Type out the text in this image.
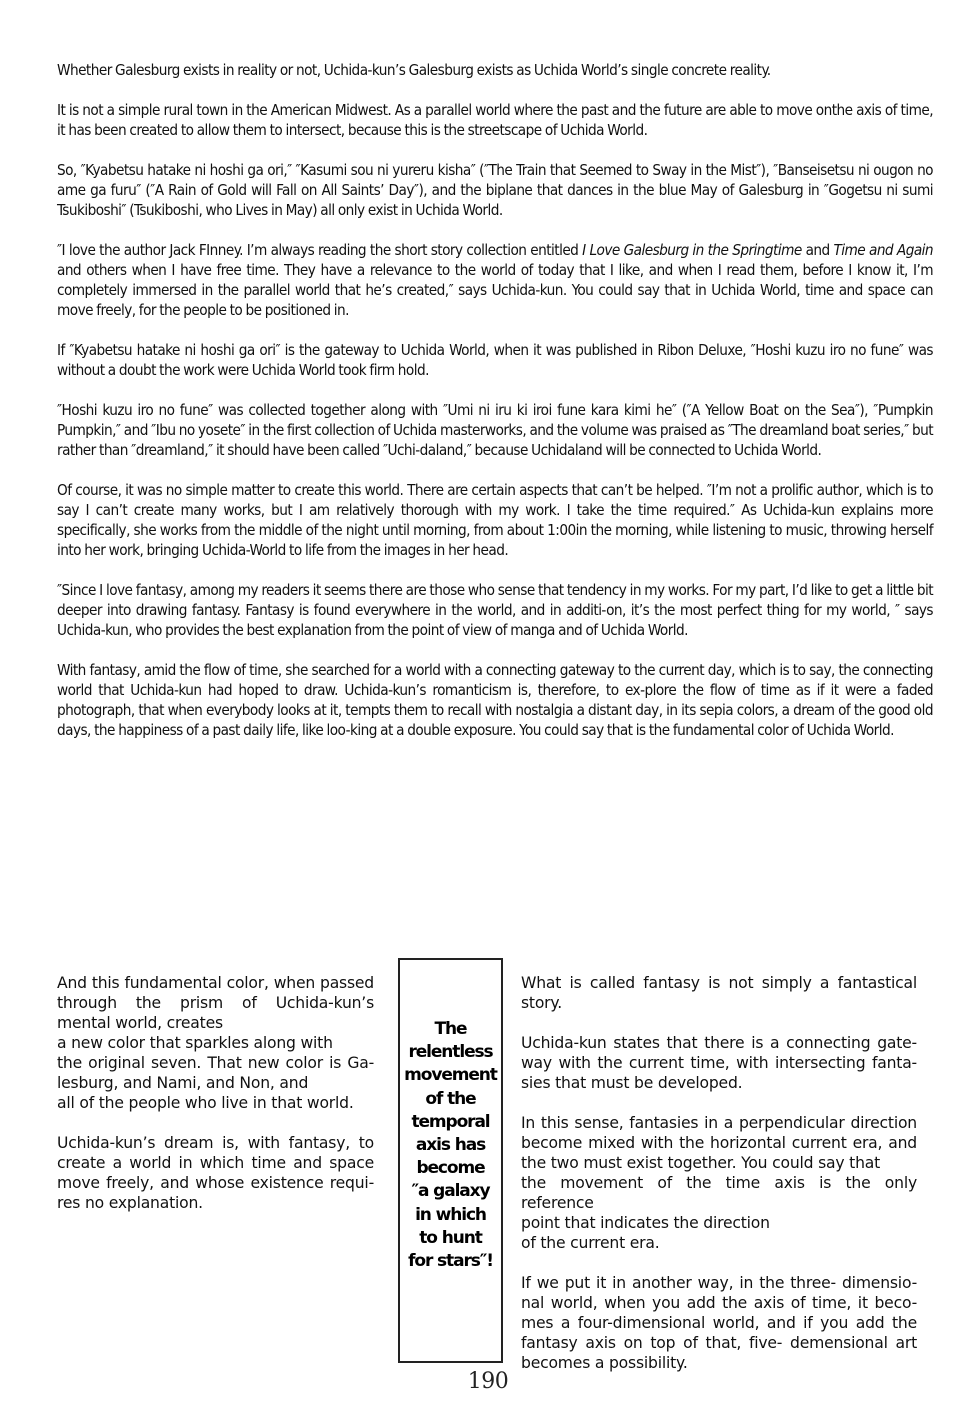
Whether Galesburg exists in reality or not, Uchida-kun’s Galesburg exists as Uchida World’s single concrete reality.

It is not a simple rural town in the American Midwest. As a parallel world where the past and the future are able to move onthe axis of time, it has been created to allow them to intersect, because this is the streetscape of Uchida World.

So, ″Kyabetsu hatake ni hoshi ga ori,″ ″Kasumi sou ni yureru kisha″ (″The Train that Seemed to Sway in the Mist″), ″Banseisetsu ni ougon no ame ga furu″ (″A Rain of Gold will Fall on All Saints’ Day″), and the biplane that dances in the blue May of Galesburg in ″Gogetsu ni sumi Tsukiboshi″ (Tsukiboshi, who Lives in May) all only exist in Uchida World.

″I love the author Jack FInney. I’m always reading the short story collection entitled I Love Galesburg in the Springtime and Time and Again and others when I have free time. They have a relevance to the world of today that I like, and when I read them, before I know it, I’m completely immersed in the parallel world that he’s created,″ says Uchida-kun. You could say that in Uchida World, time and space can move freely, for the people to be positioned in.

If ″Kyabetsu hatake ni hoshi ga ori″ is the gateway to Uchida World, when it was published in Ribon Deluxe, ″Hoshi kuzu iro no fune″ was without a doubt the work were Uchida World took firm hold.

″Hoshi kuzu iro no fune″ was collected together along with ″Umi ni iru ki iroi fune kara kimi he″ (″A Yellow Boat on the Sea″), ″Pumpkin Pumpkin,″ and ″Ibu no yosete″ in the first collection of Uchida masterworks, and the volume was praised as ″The dreamland boat series,″ but rather than ″dreamland,″ it should have been called ″Uchi-daland,″ because Uchidaland will be connected to Uchida World.

Of course, it was no simple matter to create this world. There are certain aspects that can’t be helped. ″I’m not a prolific author, which is to say I can’t create many works, but I am relatively thorough with my work. I take the time required.″ As Uchida-kun explains more specifically, she works from the middle of the night until morning, from about 1:00in the morning, while listening to music, throwing herself into her work, bringing Uchida-World to life from the images in her head.

″Since I love fantasy, among my readers it seems there are those who sense that tendency in my works. For my part, I’d like to get a little bit deeper into drawing fantasy. Fantasy is found everywhere in the world, and in additi-on, it’s the most perfect thing for my world, ″ says Uchida-kun, who provides the best explanation from the point of view of manga and of Uchida World.

With fantasy, amid the flow of time, she searched for a world with a connecting gateway to the current day, which is to say, the connecting world that Uchida-kun had hoped to draw. Uchida-kun’s romanticism is, therefore, to ex-plore the flow of time as if it were a faded photograph, that when everybody looks at it, tempts them to recall with nostalgia a distant day, in its sepia colors, a dream of the good old days, the happiness of a past daily life, like loo-king at a double exposure. You could say that is the fundamental color of Uchida World.

And this fundamental color, when passed
through the prism of Uchida-kun’s
mental world, creates
a new color that sparkles along with
the original seven. That new color is Ga-
lesburg, and Nami, and Non, and
all of the people who live in that world.

Uchida-kun’s dream is, with fantasy, to create a world in which time and space move freely, and whose existence requi-res no explanation.

The
relentless
movement
of the
temporal
axis has
become
″a galaxy
in which
to hunt
for stars″!

What is called fantasy is not simply a fantastical story.

Uchida-kun states that there is a connecting gate-way with the current time, with intersecting fanta-sies that must be developed.

In this sense, fantasies in a perpendicular direction
become mixed with the horizontal current era, and
the two must exist together. You could say that
the movement of the time axis is the only reference
point that indicates the direction
of the current era.

If we put it in another way, in the three- dimensio-nal world, when you add the axis of time, it beco-mes a four-dimensional world, and if you add the fantasy axis on top of that, five- demensional art becomes a possibility.

190
